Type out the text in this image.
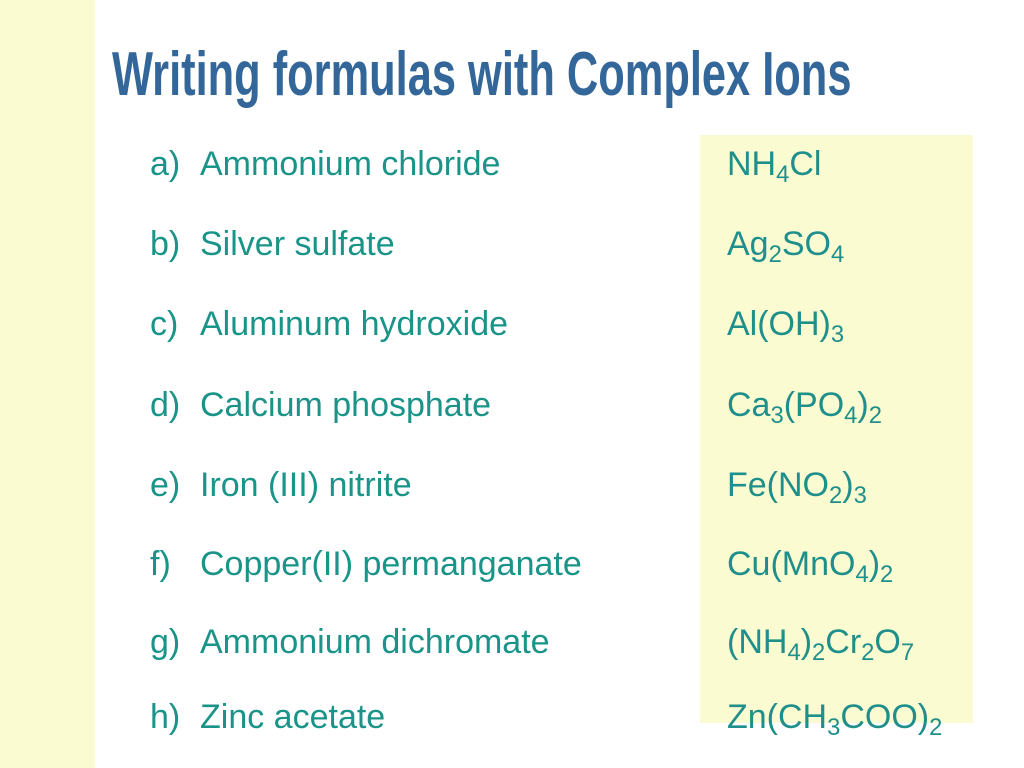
Writing formulas with Complex Ions
a) Ammonium chloride	$NH_4Cl$
b) Silver sulfate	$Ag_2SO_4$
c) Aluminum hydroxide	$Al(OH)_3$
d) Calcium phosphate	$Ca_3(PO_4)_2$
e) Iron (III) nitrite	$Fe(NO_2)_3$
f) Copper(II) permanganate	$Cu(MnO_4)_2$
g) Ammonium dichromate	$(NH_4)_2Cr_2O_7$
h) Zinc acetate	$Zn(CH_3COO)_2$
